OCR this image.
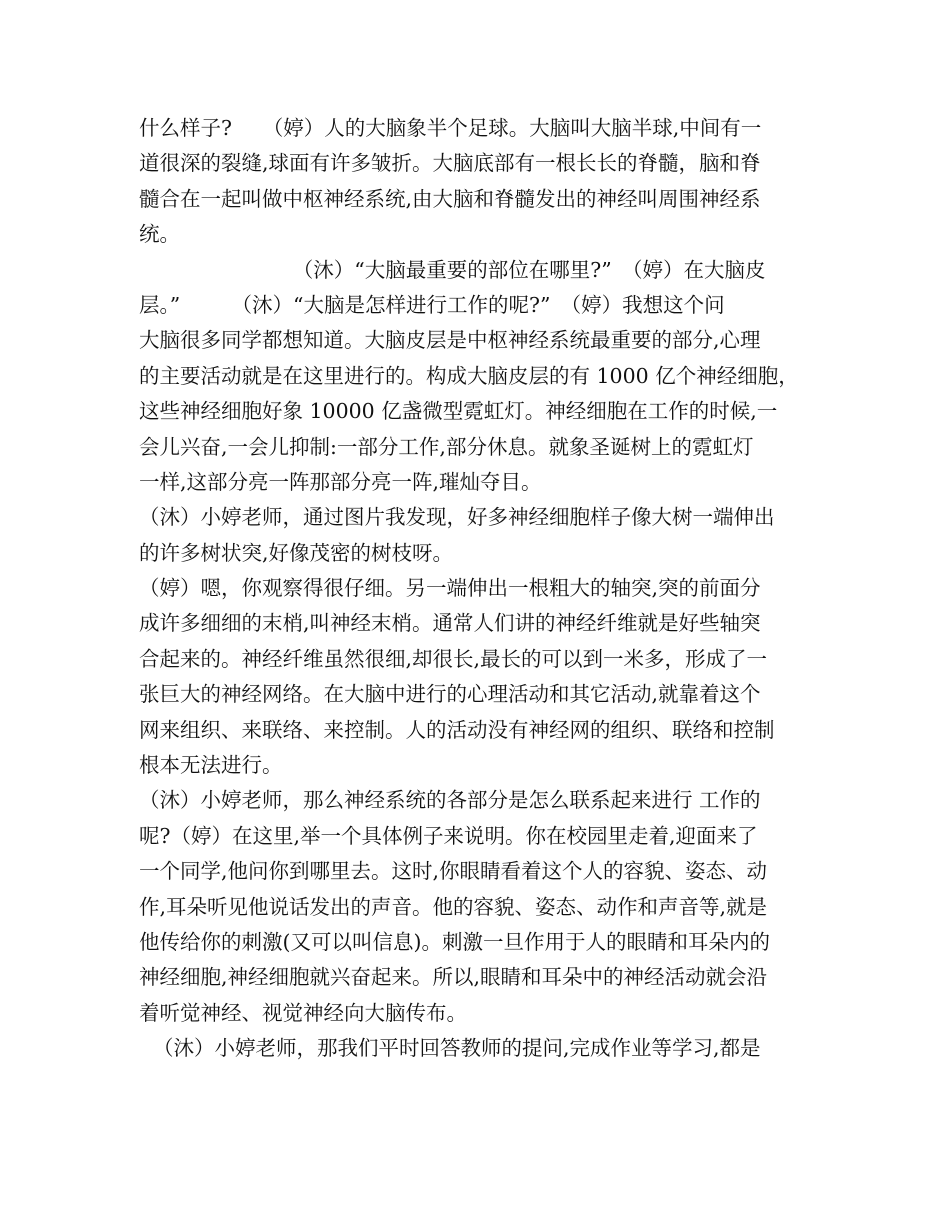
什么样子?　　（婷）人的大脑象半个足球。大脑叫大脑半球,中间有一
道很深的裂缝,球面有许多皱折。大脑底部有一根长长的脊髓，脑和脊
髓合在一起叫做中枢神经系统,由大脑和脊髓发出的神经叫周围神经系
统。
　　　　　　　　（沐）“大脑最重要的部位在哪里?”　（婷）在大脑皮
层。”　　　（沐）“大脑是怎样进行工作的呢?”　（婷）我想这个问
大脑很多同学都想知道。大脑皮层是中枢神经系统最重要的部分,心理
的主要活动就是在这里进行的。构成大脑皮层的有 1000 亿个神经细胞，
这些神经细胞好象 10000 亿盏微型霓虹灯。神经细胞在工作的时候,一
会儿兴奋,一会儿抑制:一部分工作,部分休息。就象圣诞树上的霓虹灯
一样,这部分亮一阵那部分亮一阵,璀灿夺目。
（沐）小婷老师，通过图片我发现，好多神经细胞样子像大树一端伸出
的许多树状突,好像茂密的树枝呀。
（婷）嗯，你观察得很仔细。另一端伸出一根粗大的轴突,突的前面分
成许多细细的末梢,叫神经末梢。通常人们讲的神经纤维就是好些轴突
合起来的。神经纤维虽然很细,却很长,最长的可以到一米多，形成了一
张巨大的神经网络。在大脑中进行的心理活动和其它活动,就靠着这个
网来组织、来联络、来控制。人的活动没有神经网的组织、联络和控制
根本无法进行。
（沐）小婷老师，那么神经系统的各部分是怎么联系起来进行 工作的
呢?（婷）在这里,举一个具体例子来说明。你在校园里走着,迎面来了
一个同学,他问你到哪里去。这时,你眼睛看着这个人的容貌、姿态、动
作,耳朵听见他说话发出的声音。他的容貌、姿态、动作和声音等,就是
他传给你的刺激(又可以叫信息)。刺激一旦作用于人的眼睛和耳朵内的
神经细胞,神经细胞就兴奋起来。所以,眼睛和耳朵中的神经活动就会沿
着听觉神经、视觉神经向大脑传布。
（沐）小婷老师，那我们平时回答教师的提问,完成作业等学习,都是
